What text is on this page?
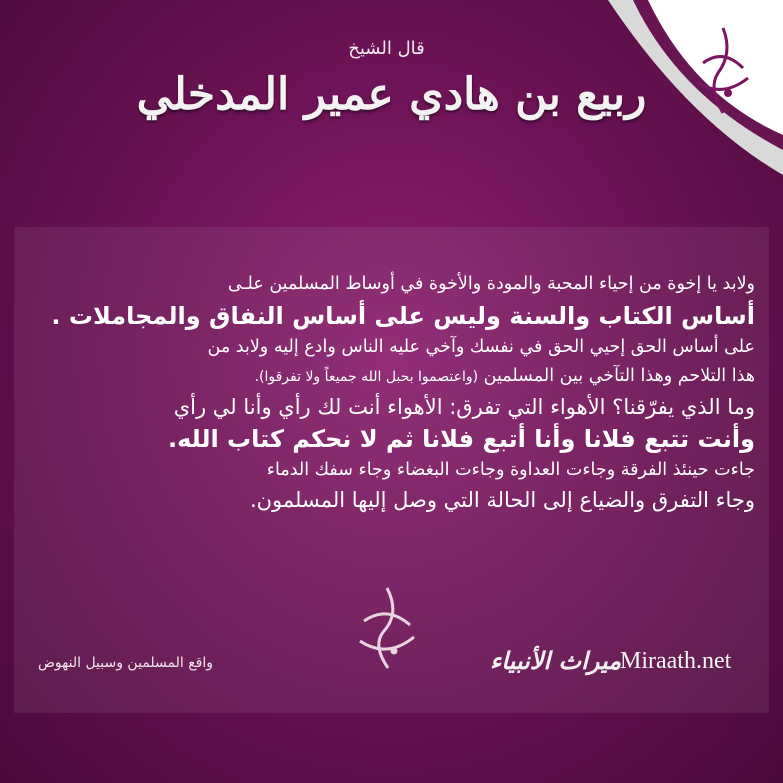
قال الشيخ
ربيع بن هادي عمير المدخلي
ولابد يا إخوة من إحياء المحبة والمودة والأخوة في أوساط المسلمين علـى
أساس الكتاب والسنة وليس على أساس النفاق والمجاملات .
على أساس الحق إحيي الحق في نفسك وآخي عليه الناس وادع إليه ولابد من
هذا التلاحم وهذا التآخي بين المسلمين (واعتصموا بحبل الله جميعاً ولا تفرقوا).
وما الذي يفرّقنا؟ الأهواء التي تفرق: الأهواء أنت لك رأي وأنا لي رأي
وأنت تتبع فلانا وأنا أتبع فلانا ثم لا نحكم كتاب الله.
جاءت حينئذ الفرقة وجاءت العداوة وجاءت البغضاء وجاء سفك الدماء
وجاء التفرق والضياع إلى الحالة التي وصل إليها المسلمون.
واقع المسلمين وسبيل النهوض	ميراث الأنبياء
Miraath.net
